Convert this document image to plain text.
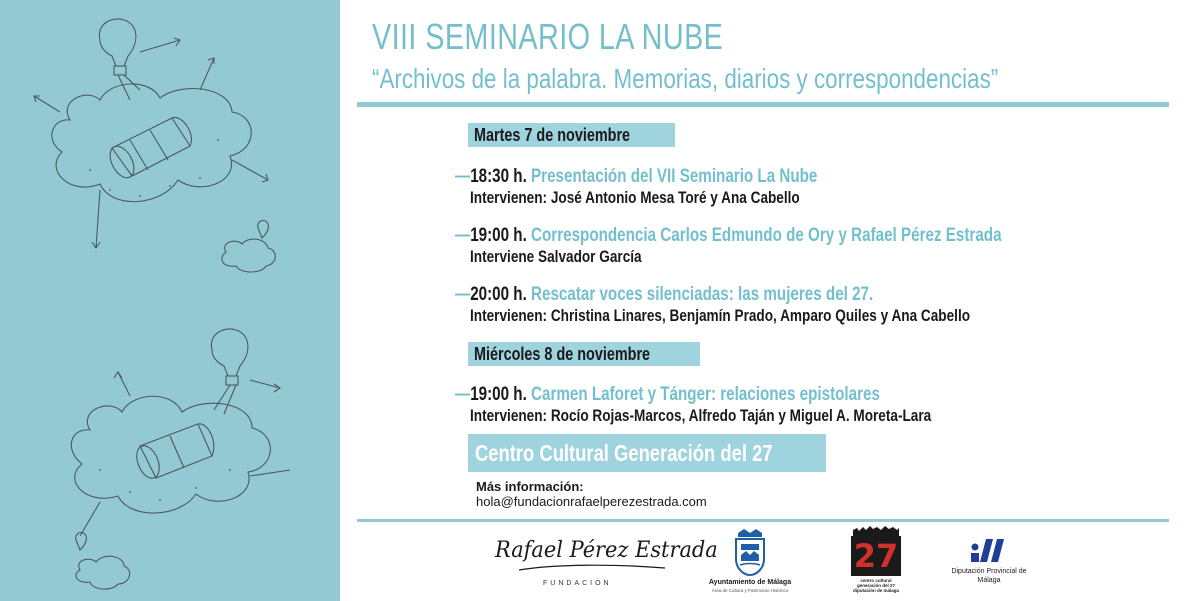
VIII SEMINARIO LA NUBE
“Archivos de la palabra. Memorias, diarios y correspondencias”
Martes 7 de noviembre
—18:30 h. Presentación del VII Seminario La Nube
Intervienen: José Antonio Mesa Toré y Ana Cabello
—19:00 h. Correspondencia Carlos Edmundo de Ory y Rafael Pérez Estrada
Interviene Salvador García
—20:00 h. Rescatar voces silenciadas: las mujeres del 27.
Intervienen: Christina Linares, Benjamín Prado, Amparo Quiles y Ana Cabello
Miércoles 8 de noviembre
—19:00 h. Carmen Laforet y Tánger: relaciones epistolares
Intervienen: Rocío Rojas-Marcos, Alfredo Taján y Miguel A. Moreta-Lara
Centro Cultural Generación del 27
Más información:
hola@fundacionrafaelperezestrada.com
Rafael Pérez Estrada
FUNDACIÓN	Ayuntamiento de Málaga
Área de Cultura y Patrimonio Histórico
27
centro cultural generación del 27 diputación de málaga
Diputación Provincial de Málaga
